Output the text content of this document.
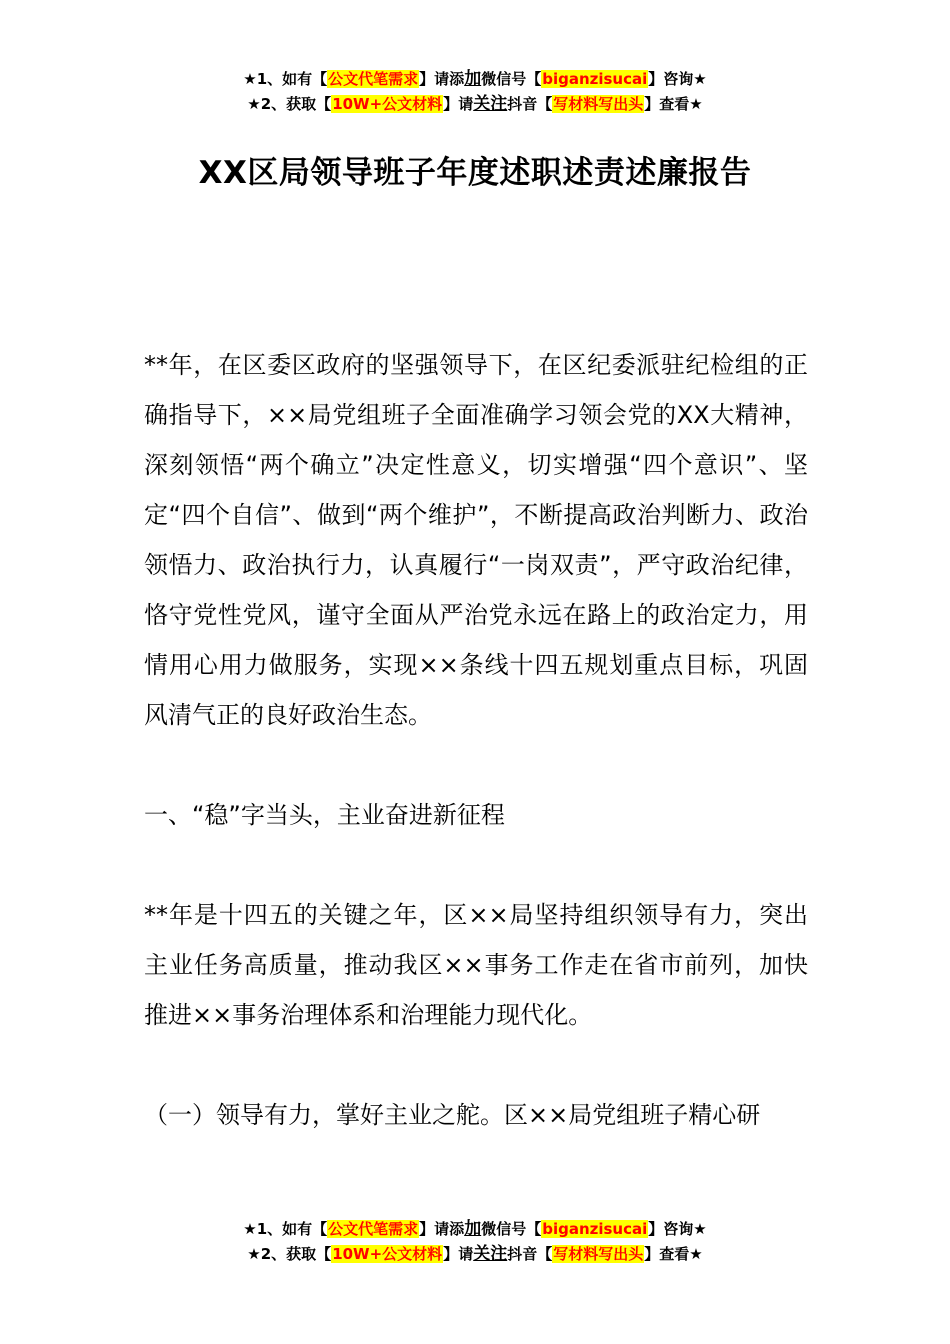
★1、如有【公文代笔需求】请添加微信号【biganzisucai】咨询★
★2、获取【10W+公文材料】请关注抖音【写材料写出头】查看★
XX区局领导班子年度述职述责述廉报告

**年，在区委区政府的坚强领导下，在区纪委派驻纪检组的正确指导下，××局党组班子全面准确学习领会党的XX大精神，深刻领悟“两个确立”决定性意义，切实增强“四个意识”、坚定“四个自信”、做到“两个维护”，不断提高政治判断力、政治领悟力、政治执行力，认真履行“一岗双责”，严守政治纪律，恪守党性党风，谨守全面从严治党永远在路上的政治定力，用情用心用力做服务，实现××条线十四五规划重点目标，巩固风清气正的良好政治生态。

一、“稳”字当头，主业奋进新征程

**年是十四五的关键之年，区××局坚持组织领导有力，突出主业任务高质量，推动我区××事务工作走在省市前列，加快推进××事务治理体系和治理能力现代化。

（一）领导有力，掌好主业之舵。区××局党组班子精心研

★1、如有【公文代笔需求】请添加微信号【biganzisucai】咨询★
★2、获取【10W+公文材料】请关注抖音【写材料写出头】查看★
